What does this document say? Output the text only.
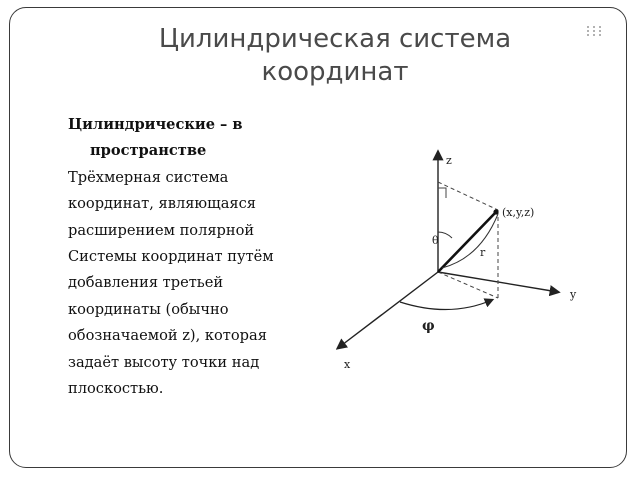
Цилиндрическая система
координат
Цилиндрические – в
пространстве
Трёхмерная система
координат, являющаяся
расширением полярной
Системы координат путём
добавления третьей
координаты (обычно
обозначаемой z), которая
задаёт высоту точки над
плоскостью.
z
y
x
(x,y,z)
r
θ
φ
